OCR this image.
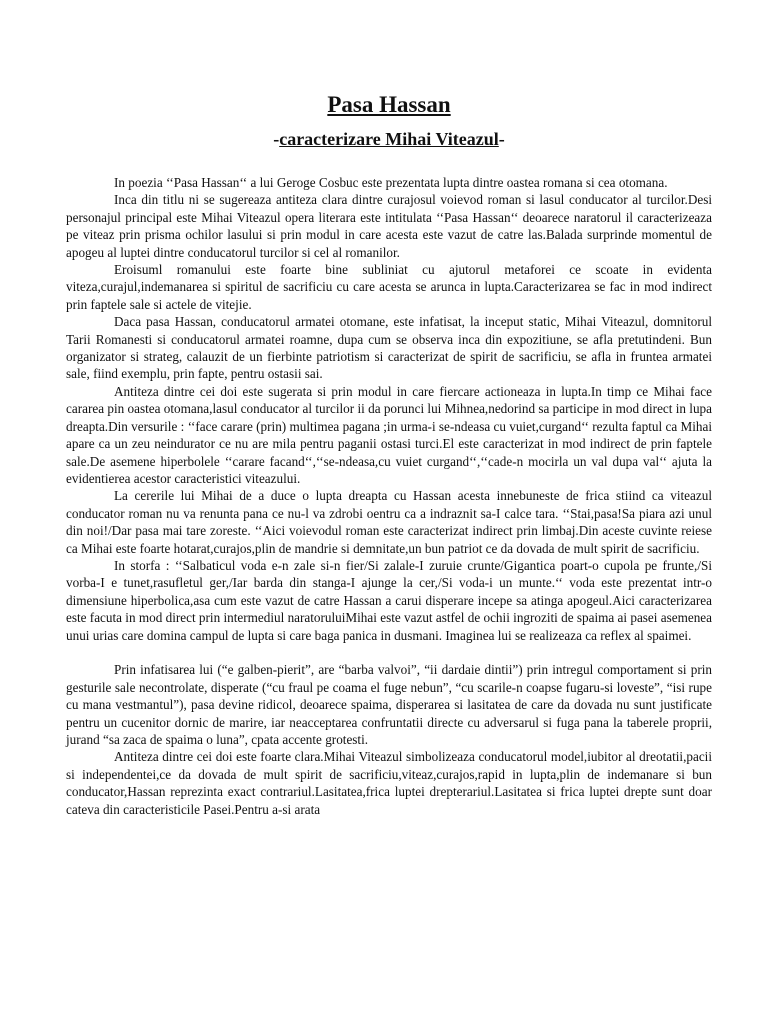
Pasa Hassan
-caracterizare Mihai Viteazul-

In poezia ‘‘Pasa Hassan‘‘ a lui Geroge Cosbuc este prezentata lupta dintre oastea romana si cea otomana.

Inca din titlu ni se sugereaza antiteza clara dintre curajosul voievod roman si lasul conducator al turcilor.Desi personajul principal este Mihai Viteazul opera literara este intitulata ‘‘Pasa Hassan‘‘ deoarece naratorul il caracterizeaza pe viteaz prin prisma ochilor lasului si prin modul in care acesta este vazut de catre las.Balada surprinde momentul de apogeu al luptei dintre conducatorul turcilor si cel al romanilor.

Eroisuml romanului este foarte bine subliniat cu ajutorul metaforei ce scoate in evidenta viteza,curajul,indemanarea si spiritul de sacrificiu cu care acesta se arunca in lupta.Caracterizarea se fac in mod indirect prin faptele sale si actele de vitejie.

Daca pasa Hassan, conducatorul armatei otomane, este infatisat, la inceput static, Mihai Viteazul, domnitorul Tarii Romanesti si conducatorul armatei roamne, dupa cum se observa inca din expozitiune, se afla pretutindeni. Bun organizator si strateg, calauzit de un fierbinte patriotism si caracterizat de spirit de sacrificiu, se afla in fruntea armatei sale, fiind exemplu, prin fapte, pentru ostasii sai.

Antiteza dintre cei doi este sugerata si prin modul in care fiercare actioneaza in lupta.In timp ce Mihai face cararea pin oastea otomana,lasul conducator al turcilor ii da porunci lui Mihnea,nedorind sa participe in mod direct in lupa dreapta.Din versurile : ‘‘face carare (prin) multimea pagana ;in urma-i se-ndeasa cu vuiet,curgand‘‘ rezulta faptul ca Mihai apare ca un zeu neindurator ce nu are mila pentru paganii ostasi turci.El este caracterizat in mod indirect de prin faptele sale.De asemene hiperbolele ‘‘carare facand‘‘,‘‘se-ndeasa,cu vuiet curgand‘‘,‘‘cade-n mocirla un val dupa val‘‘ ajuta la evidentierea acestor caracteristici viteazului.

La cererile lui Mihai de a duce o lupta dreapta cu Hassan acesta innebuneste de frica stiind ca viteazul conducator roman nu va renunta pana ce nu-l va zdrobi oentru ca a indraznit sa-I calce tara. ‘‘Stai,pasa!Sa piara azi unul din noi!/Dar pasa mai tare zoreste. ‘‘Aici voievodul roman este caracterizat indirect prin limbaj.Din aceste cuvinte reiese ca Mihai este foarte hotarat,curajos,plin de mandrie si demnitate,un bun patriot ce da dovada de mult spirit de sacrificiu.

In storfa : ‘‘Salbaticul voda e-n zale si-n fier/Si zalale-I zuruie crunte/Gigantica poart-o cupola pe frunte,/Si vorba-I e tunet,rasufletul ger,/Iar barda din stanga-I ajunge la cer,/Si voda-i un munte.‘‘ voda este prezentat intr-o dimensiune hiperbolica,asa cum este vazut de catre Hassan a carui disperare incepe sa atinga apogeul.Aici caracterizarea este facuta in mod direct prin intermediul naratoruluiMihai este vazut astfel de ochii ingroziti de spaima ai pasei asemenea unui urias care domina campul de lupta si care baga panica in dusmani. Imaginea lui se realizeaza ca reflex al spaimei.

Prin infatisarea lui (“e galben-pierit”, are “barba valvoi”, “ii dardaie dintii”) prin intregul comportament si prin gesturile sale necontrolate, disperate (“cu fraul pe coama el fuge nebun”, “cu scarile-n coapse fugaru-si loveste”, “isi rupe cu mana vestmantul”), pasa devine ridicol, deoarece spaima, disperarea si lasitatea de care da dovada nu sunt justificate pentru un cucenitor dornic de marire, iar neacceptarea confruntatii directe cu adversarul si fuga pana la taberele proprii, jurand “sa zaca de spaima o luna”, cpata accente grotesti.

Antiteza dintre cei doi este foarte clara.Mihai Viteazul simbolizeaza conducatorul model,iubitor al dreotatii,pacii si independentei,ce da dovada de mult spirit de sacrificiu,viteaz,curajos,rapid in lupta,plin de indemanare si bun conducator,Hassan reprezinta exact contrariul.Lasitatea,frica luptei drepterariul.Lasitatea si frica luptei drepte sunt doar cateva din caracteristicile Pasei.Pentru a-si arata
